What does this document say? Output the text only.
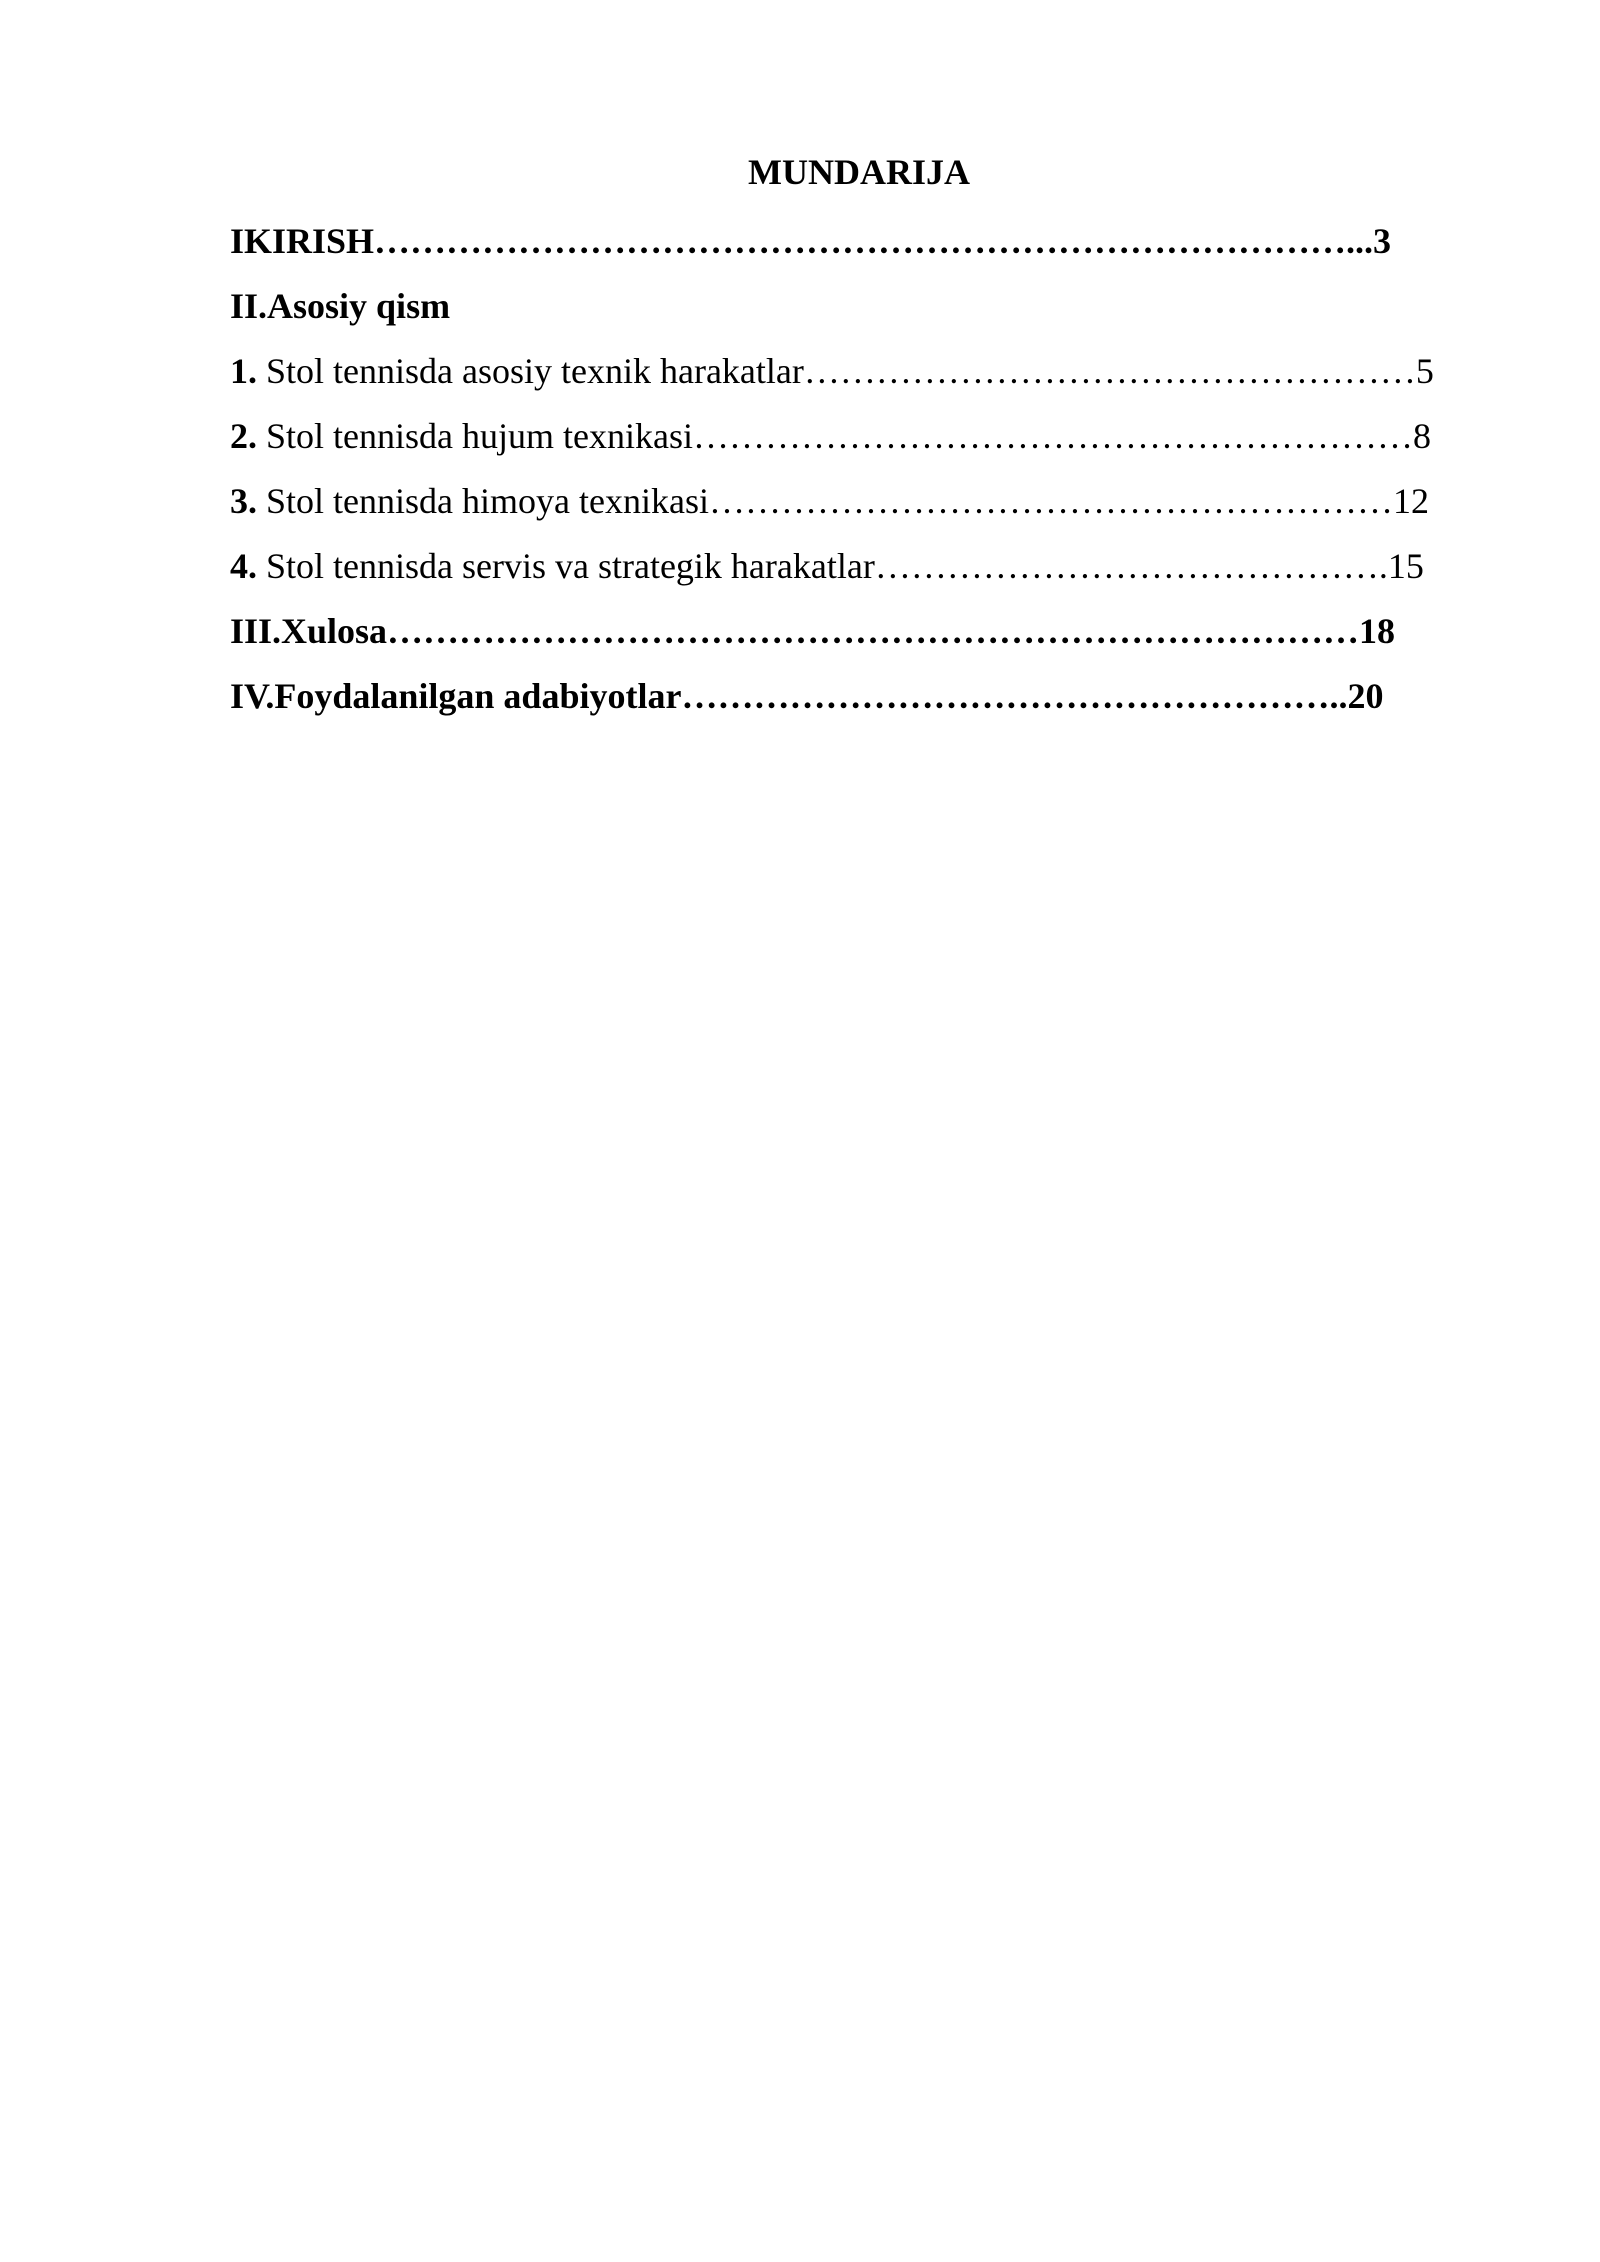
MUNDARIJA
IKIRISH………………………………………………………………………...3
II.Asosiy qism
1. Stol tennisda asosiy texnik harakatlar……………………………………………5
2. Stol tennisda hujum texnikasi……………………………………………………8
3. Stol tennisda himoya texnikasi…………………………………………………12
4. Stol tennisda servis va strategik harakatlar…………………………………….15
III.Xulosa………………………………………………………………………18
IV.Foydalanilgan adabiyotlar………………………………………………..20
